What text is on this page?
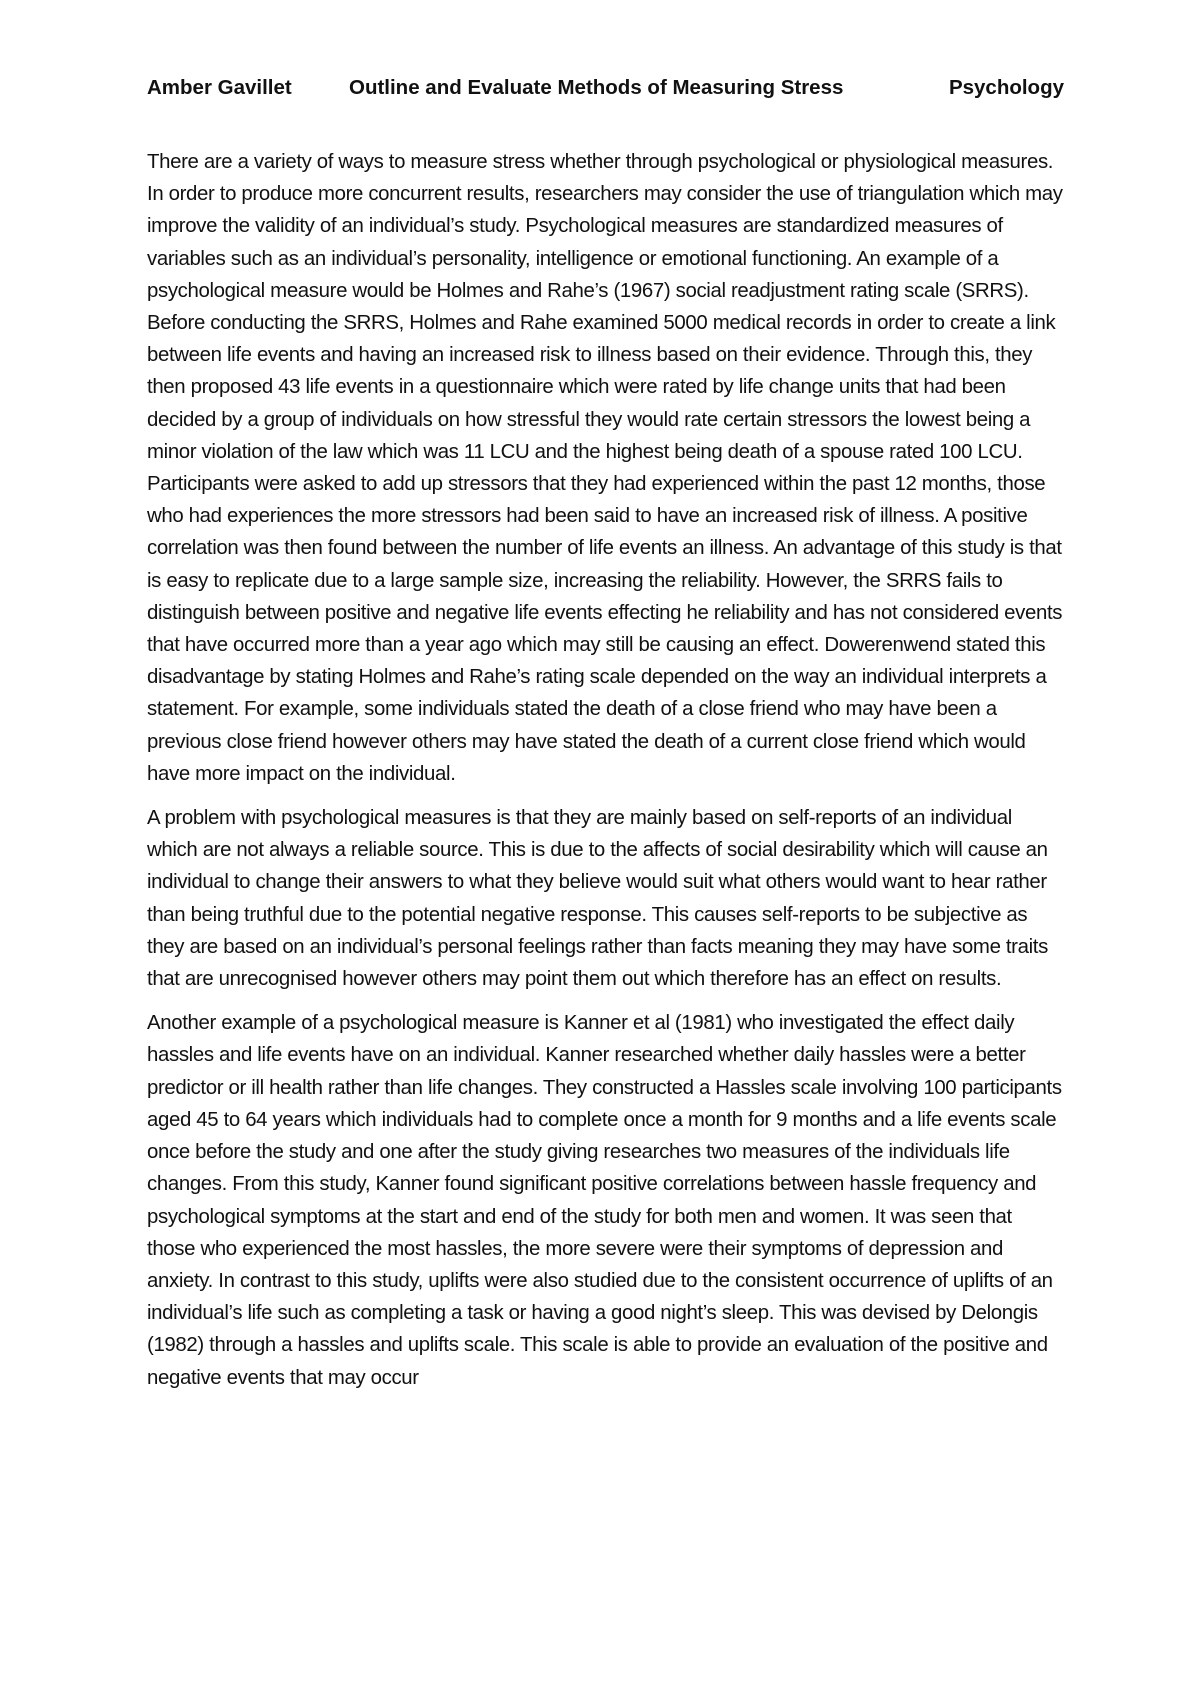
Amber Gavillet	Outline and Evaluate Methods of Measuring Stress	Psychology

There are a variety of ways to measure stress whether through psychological or physiological measures. In order to produce more concurrent results, researchers may consider the use of triangulation which may improve the validity of an individual’s study. Psychological measures are standardized measures of variables such as an individual’s personality, intelligence or emotional functioning. An example of a psychological measure would be Holmes and Rahe’s (1967) social readjustment rating scale (SRRS). Before conducting the SRRS, Holmes and Rahe examined 5000 medical records in order to create a link between life events and having an increased risk to illness based on their evidence. Through this, they then proposed 43 life events in a questionnaire which were rated by life change units that had been decided by a group of individuals on how stressful they would rate certain stressors the lowest being a minor violation of the law which was 11 LCU and the highest being death of a spouse rated 100 LCU. Participants were asked to add up stressors that they had experienced within the past 12 months, those who had experiences the more stressors had been said to have an increased risk of illness. A positive correlation was then found between the number of life events an illness. An advantage of this study is that is easy to replicate due to a large sample size, increasing the reliability. However, the SRRS fails to distinguish between positive and negative life events effecting he reliability and has not considered events that have occurred more than a year ago which may still be causing an effect. Dowerenwend stated this disadvantage by stating Holmes and Rahe’s rating scale depended on the way an individual interprets a statement. For example, some individuals stated the death of a close friend who may have been a previous close friend however others may have stated the death of a current close friend which would have more impact on the individual.

A problem with psychological measures is that they are mainly based on self-reports of an individual which are not always a reliable source. This is due to the affects of social desirability which will cause an individual to change their answers to what they believe would suit what others would want to hear rather than being truthful due to the potential negative response. This causes self-reports to be subjective as they are based on an individual’s personal feelings rather than facts meaning they may have some traits that are unrecognised however others may point them out which therefore has an effect on results.

Another example of a psychological measure is Kanner et al (1981) who investigated the effect daily hassles and life events have on an individual. Kanner researched whether daily hassles were a better predictor or ill health rather than life changes. They constructed a Hassles scale involving 100 participants aged 45 to 64 years which individuals had to complete once a month for 9 months and a life events scale once before the study and one after the study giving researches two measures of the individuals life changes. From this study, Kanner found significant positive correlations between hassle frequency and psychological symptoms at the start and end of the study for both men and women. It was seen that those who experienced the most hassles, the more severe were their symptoms of depression and anxiety. In contrast to this study, uplifts were also studied due to the consistent occurrence of uplifts of an individual’s life such as completing a task or having a good night’s sleep. This was devised by Delongis (1982) through a hassles and uplifts scale. This scale is able to provide an evaluation of the positive and negative events that may occur
